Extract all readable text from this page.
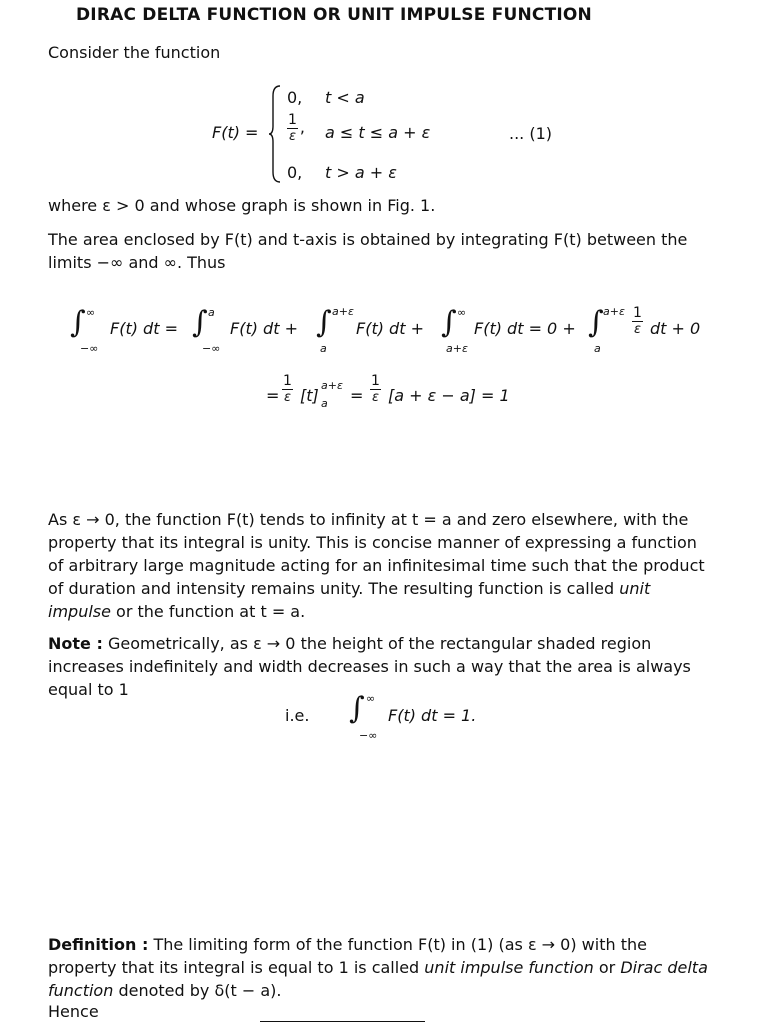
DIRAC DELTA FUNCTION OR UNIT IMPULSE FUNCTION
Consider the function
F(t) =
0, t < a
$\frac{1}{\varepsilon}$ , a ≤ t ≤ a + ε
0, t > a + ε
... (1)
where ε > 0 and whose graph is shown in Fig. 1.
The area enclosed by F(t) and t-axis is obtained by integrating F(t) between the limits −∞ and ∞. Thus
∫ ∞
−∞
F(t) dt = ∫ a
−∞
F(t) dt + ∫ a+ε
a
F(t) dt + ∫ ∞
a+ε
F(t) dt = 0 + ∫ a+ε
a
$\frac{1}{\varepsilon}$ dt + 0
= $\frac{1}{\varepsilon} [t]$
a+ε
$a = \frac{1}{\varepsilon} [a + \varepsilon - a] = 1$
As ε → 0, the function F(t) tends to infinity at t = a and zero elsewhere, with the property that its integral is unity. This is concise manner of expressing a function of arbitrary large magnitude acting for an infinitesimal time such that the product of duration and intensity remains unity. The resulting function is called unit impulse or the function at t = a.
Note : Geometrically, as ε → 0 the height of the rectangular shaded region increases indefinitely and width decreases in such a way that the area is always equal to 1
i.e. ∫ ∞
−∞
F(t) dt = 1.
Definition : The limiting form of the function F(t) in (1) (as ε → 0) with the property that its integral is equal to 1 is called unit impulse function or Dirac delta function denoted by δ(t − a).
Hence
